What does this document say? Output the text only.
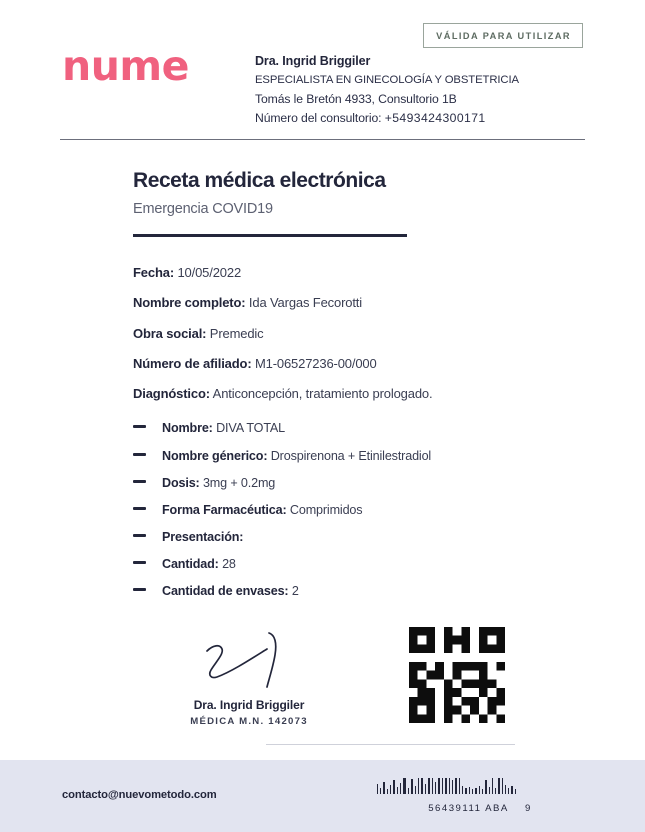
nume	Dra. Ingrid Briggiler
ESPECIALISTA EN GINECOLOGÍA Y OBSTETRICIA
Tomás le Bretón 4933, Consultorio 1B
Número del consultorio: +5493424300171
VÁLIDA PARA UTILIZAR
Receta médica electrónica
Emergencia COVID19
Fecha: 10/05/2022
Nombre completo: Ida Vargas Fecorotti
Obra social: Premedic
Número de afiliado: M1-06527236-00/000
Diagnóstico: Anticoncepción, tratamiento prologado.
Nombre: DIVA TOTAL
Nombre génerico: Drospirenona + Etinilestradiol
Dosis: 3mg + 0.2mg
Forma Farmacéutica: Comprimidos
Presentación:
Cantidad: 28
Cantidad de envases: 2
Dra. Ingrid Briggiler
MÉDICA M.N. 142073
contacto@nuevometodo.com
56439111 ABA    9
